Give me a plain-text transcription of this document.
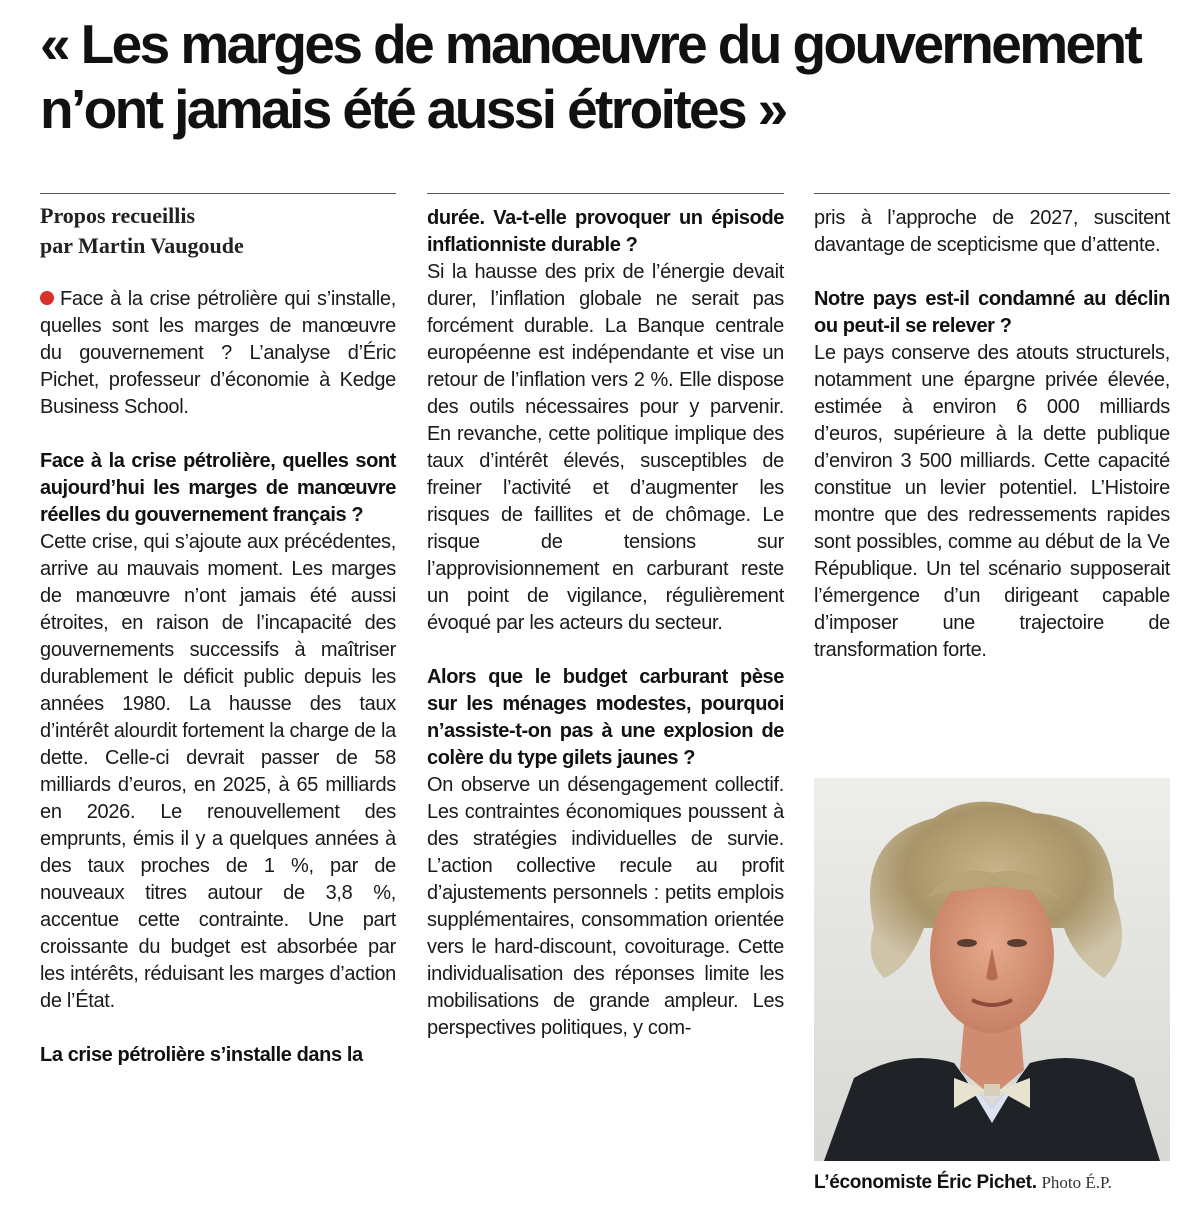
« Les marges de manœuvre du gouvernement n’ont jamais été aussi étroites »
Propos recueillis
par Martin Vaugoude

Face à la crise pétrolière qui s’installe, quelles sont les marges de manœuvre du gouvernement ? L’analyse d’Éric Pichet, professeur d’économie à Kedge Business School.

Face à la crise pétrolière, quelles sont aujourd’hui les marges de manœuvre réelles du gouvernement français ?

Cette crise, qui s’ajoute aux précédentes, arrive au mauvais moment. Les marges de manœuvre n’ont jamais été aussi étroites, en raison de l’incapacité des gouvernements successifs à maîtriser durablement le déficit public depuis les années 1980. La hausse des taux d’intérêt alourdit fortement la charge de la dette. Celle-ci devrait passer de 58 milliards d’euros, en 2025, à 65 milliards en 2026. Le renouvellement des emprunts, émis il y a quelques années à des taux proches de 1 %, par de nouveaux titres autour de 3,8 %, accentue cette contrainte. Une part croissante du budget est absorbée par les intérêts, réduisant les marges d’action de l’État.

La crise pétrolière s’installe dans la

durée. Va-t-elle provoquer un épisode inflationniste durable ?

Si la hausse des prix de l’énergie devait durer, l’inflation globale ne serait pas forcément durable. La Banque centrale européenne est indépendante et vise un retour de l’inflation vers 2 %. Elle dispose des outils nécessaires pour y parvenir. En revanche, cette politique implique des taux d’intérêt élevés, susceptibles de freiner l’activité et d’augmenter les risques de faillites et de chômage. Le risque de tensions sur l’approvisionnement en carburant reste un point de vigilance, régulièrement évoqué par les acteurs du secteur.

Alors que le budget carburant pèse sur les ménages modestes, pourquoi n’assiste-t-on pas à une explosion de colère du type gilets jaunes ?

On observe un désengagement collectif. Les contraintes économiques poussent à des stratégies individuelles de survie. L’action collective recule au profit d’ajustements personnels : petits emplois supplémentaires, consommation orientée vers le hard-discount, covoiturage. Cette individualisation des réponses limite les mobilisations de grande ampleur. Les perspectives politiques, y com-

pris à l’approche de 2027, suscitent davantage de scepticisme que d’attente.

Notre pays est-il condamné au déclin ou peut-il se relever ?

Le pays conserve des atouts structurels, notamment une épargne privée élevée, estimée à environ 6 000 milliards d’euros, supérieure à la dette publique d’environ 3 500 milliards. Cette capacité constitue un levier potentiel. L’Histoire montre que des redressements rapides sont possibles, comme au début de la Ve République. Un tel scénario supposerait l’émergence d’un dirigeant capable d’imposer une trajectoire de transformation forte.

L’économiste Éric Pichet. Photo É.P.
